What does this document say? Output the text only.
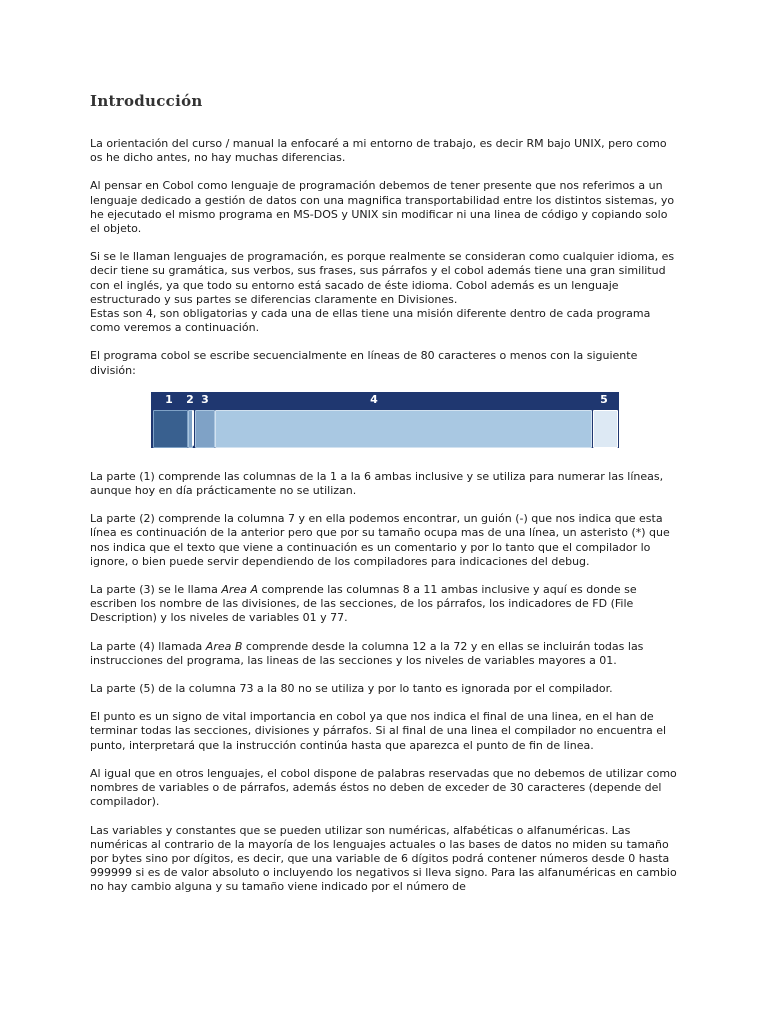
Introducción

La orientación del curso / manual la enfocaré a mi entorno de trabajo, es decir RM bajo UNIX, pero como os he dicho antes, no hay muchas diferencias.

Al pensar en Cobol como lenguaje de programación debemos de tener presente que nos referimos a un lenguaje dedicado a gestión de datos con una magnifica transportabilidad entre los distintos sistemas, yo he ejecutado el mismo programa en MS-DOS y UNIX sin modificar ni una linea de código y copiando solo el objeto.

Si se le llaman lenguajes de programación, es porque realmente se consideran como cualquier idioma, es decir tiene su gramática, sus verbos, sus frases, sus párrafos y el cobol además tiene una gran similitud con el inglés, ya que todo su entorno está sacado de éste idioma. Cobol además es un lenguaje estructurado y sus partes se diferencias claramente en Divisiones.

Estas son 4, son obligatorias y cada una de ellas tiene una misión diferente dentro de cada programa como veremos a continuación.

El programa cobol se escribe secuencialmente en líneas de 80 caracteres o menos con la siguiente división:

1 2 3	4	5

La parte (1) comprende las columnas de la 1 a la 6 ambas inclusive y se utiliza para numerar las líneas, aunque hoy en día prácticamente no se utilizan.

La parte (2) comprende la columna 7 y en ella podemos encontrar, un guión (-) que nos indica que esta línea es continuación de la anterior pero que por su tamaño ocupa mas de una línea, un asteristo (*) que nos indica que el texto que viene a continuación es un comentario y por lo tanto que el compilador lo ignore, o bien puede servir dependiendo de los compiladores para indicaciones del debug.

La parte (3) se le llama Area A comprende las columnas 8 a 11 ambas inclusive y aquí es donde se escriben los nombre de las divisiones, de las secciones, de los párrafos, los indicadores de FD (File Description) y los niveles de variables 01 y 77.

La parte (4) llamada Area B comprende desde la columna 12 a la 72 y en ellas se incluirán todas las instrucciones del programa, las lineas de las secciones y los niveles de variables mayores a 01.

La parte (5) de la columna 73 a la 80 no se utiliza y por lo tanto es ignorada por el compilador.

El punto es un signo de vital importancia en cobol ya que nos indica el final de una linea, en el han de terminar todas las secciones, divisiones y párrafos. Si al final de una linea el compilador no encuentra el punto, interpretará que la instrucción continúa hasta que aparezca el punto de fin de linea.

Al igual que en otros lenguajes, el cobol dispone de palabras reservadas que no debemos de utilizar como nombres de variables o de párrafos, además éstos no deben de exceder de 30 caracteres (depende del compilador).

Las variables y constantes que se pueden utilizar son numéricas, alfabéticas o alfanuméricas. Las numéricas al contrario de la mayoría de los lenguajes actuales o las bases de datos no miden su tamaño por bytes sino por dígitos, es decir, que una variable de 6 dígitos podrá contener números desde 0 hasta 999999 si es de valor absoluto o incluyendo los negativos si lleva signo. Para las alfanuméricas en cambio no hay cambio alguna y su tamaño viene indicado por el número de
